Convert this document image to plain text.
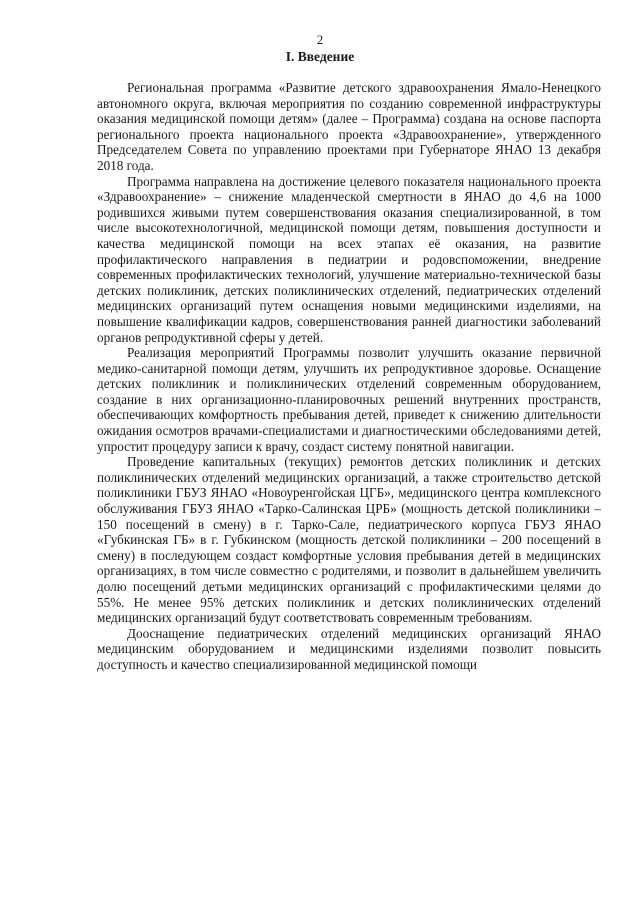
2
I. Введение

Региональная программа «Развитие детского здравоохранения Ямало-Ненецкого автономного округа, включая мероприятия по созданию современной инфраструктуры оказания медицинской помощи детям» (далее – Программа) создана на основе паспорта регионального проекта национального проекта «Здравоохранение», утвержденного Председателем Совета по управлению проектами при Губернаторе ЯНАО 13 декабря 2018 года.

Программа направлена на достижение целевого показателя национального проекта «Здравоохранение» – снижение младенческой смертности в ЯНАО до 4,6 на 1000 родившихся живыми путем совершенствования оказания специализированной, в том числе высокотехнологичной, медицинской помощи детям, повышения доступности и качества медицинской помощи на всех этапах её оказания, на развитие профилактического направления в педиатрии и родовспоможении, внедрение современных профилактических технологий, улучшение материально-технической базы детских поликлиник, детских поликлинических отделений, педиатрических отделений медицинских организаций путем оснащения новыми медицинскими изделиями, на повышение квалификации кадров, совершенствования ранней диагностики заболеваний органов репродуктивной сферы у детей.

Реализация мероприятий Программы позволит улучшить оказание первичной медико-санитарной помощи детям, улучшить их репродуктивное здоровье. Оснащение детских поликлиник и поликлинических отделений современным оборудованием, создание в них организационно-планировочных решений внутренних пространств, обеспечивающих комфортность пребывания детей, приведет к снижению длительности ожидания осмотров врачами-специалистами и диагностическими обследованиями детей, упростит процедуру записи к врачу, создаст систему понятной навигации.

Проведение капитальных (текущих) ремонтов детских поликлиник и детских поликлинических отделений медицинских организаций, а также строительство детской поликлиники ГБУЗ ЯНАО «Новоуренгойская ЦГБ», медицинского центра комплексного обслуживания ГБУЗ ЯНАО «Тарко-Салинская ЦРБ» (мощность детской поликлиники – 150 посещений в смену) в г. Тарко-Сале, педиатрического корпуса ГБУЗ ЯНАО «Губкинская ГБ» в г. Губкинском (мощность детской поликлиники – 200 посещений в смену) в последующем создаст комфортные условия пребывания детей в медицинских организациях, в том числе совместно с родителями, и позволит в дальнейшем увеличить долю посещений детьми медицинских организаций с профилактическими целями до 55%. Не менее 95% детских поликлиник и детских поликлинических отделений медицинских организаций будут соответствовать современным требованиям.

Дооснащение педиатрических отделений медицинских организаций ЯНАО медицинским оборудованием и медицинскими изделиями позволит повысить доступность и качество специализированной медицинской помощи
